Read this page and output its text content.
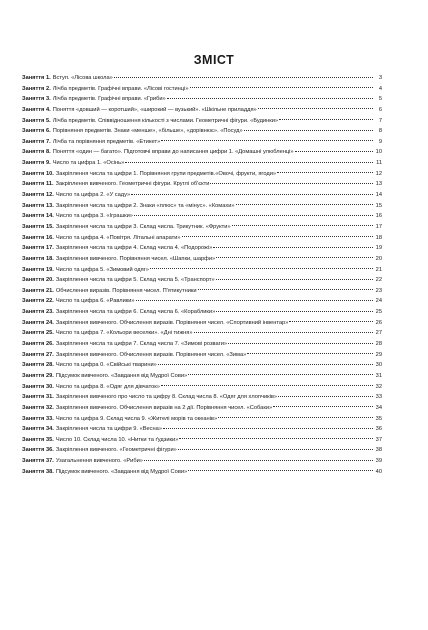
ЗМІСТ
Заняття 1. Вступ. «Лісова школа»	3
Заняття 2. Лічба предметів. Графічні вправи. «Лісові гостинці»	4
Заняття 3. Лічба предметів. Графічні вправи. «Гриби»	5
Заняття 4. Поняття «довший — коротший», «широкий — вузький». «Шкільне приладдя»	6
Заняття 5. Лічба предметів. Співвідношення кількості з числами. Геометричні фігури. «Будинки»	7
Заняття 6. Порівняння предметів. Знаки «менше», «більше», «дорівнює». «Посуд»	8
Заняття 7. Лічба та порівняння предметів. «Етикет»	9
Заняття 8. Поняття «один — багато». Підготовчі вправи до написання цифри 1. «Домашні улюбленці»	10
Заняття 9. Число та цифра 1. «Осінь»	11
Заняття 10. Закріплення числа та цифри 1. Порівняння групи предметів.«Овочі, фрукти, ягоди»	12
Заняття 11. Закріплення вивченого. Геометричні фігури. Круглі об'єкти	13
Заняття 12. Число та цифра 2. «У саду»	14
Заняття 13. Закріплення числа та цифри 2. Знаки «плюс» та «мінус». «Комахи»	15
Заняття 14. Число та цифра 3. «Іграшки»	16
Заняття 15. Закріплення числа та цифри 3. Склад числа. Трикутник. «Фрукти»	17
Заняття 16. Число та цифра 4. «Повітря. Літальні апарати»	18
Заняття 17. Закріплення числа та цифри 4. Склад числа 4. «Подорожі»	19
Заняття 18. Закріплення вивченого. Порівняння чисел. «Шапки, шарфи»	20
Заняття 19. Число та цифра 5. «Зимовий одяг»	21
Заняття 20. Закріплення числа та цифри 5. Склад числа 5. «Транспорт»	22
Заняття 21. Обчислення виразів. Порівняння чисел. П'ятикутники	23
Заняття 22. Число та цифра 6. «Равлики»	24
Заняття 23. Закріплення числа та цифри 6. Склад числа 6. «Кораблики»	25
Заняття 24. Закріплення вивченого. Обчислення виразів. Порівняння чисел. «Спортивний інвентар»	26
Заняття 25. Число та цифра 7. «Кольори веселки». «Дні тижня»	27
Заняття 26. Закріплення числа та цифри 7. Склад числа 7. «Зимові розваги»	28
Заняття 27. Закріплення вивченого. Обчислення виразів. Порівняння чисел. «Зима»	29
Заняття 28. Число та цифра 0. «Свійські тварини»	30
Заняття 29. Підсумок вивченого. «Завдання від Мудрої Сови»	31
Заняття 30. Число та цифра 8. «Одяг для дівчаток»	32
Заняття 31. Закріплення вивченого про число та цифру 8. Склад числа 8. «Одяг для хлопчиків»	33
Заняття 32. Закріплення вивченого. Обчислення виразів на 2 дії. Порівняння чисел. «Собаки»	34
Заняття 33. Число та цифра 9. Склад числа 9. «Жителі морів та океанів»	35
Заняття 34. Закріплення числа та цифри 9. «Весна»	36
Заняття 35. Число 10. Склад числа 10. «Нитки та ґудзики»	37
Заняття 36. Закріплення вивченого. «Геометричні фігури»	38
Заняття 37. Узагальнення вивченого. «Риби»	39
Заняття 38. Підсумок вивченого. «Завдання від Мудрої Сови»	40
